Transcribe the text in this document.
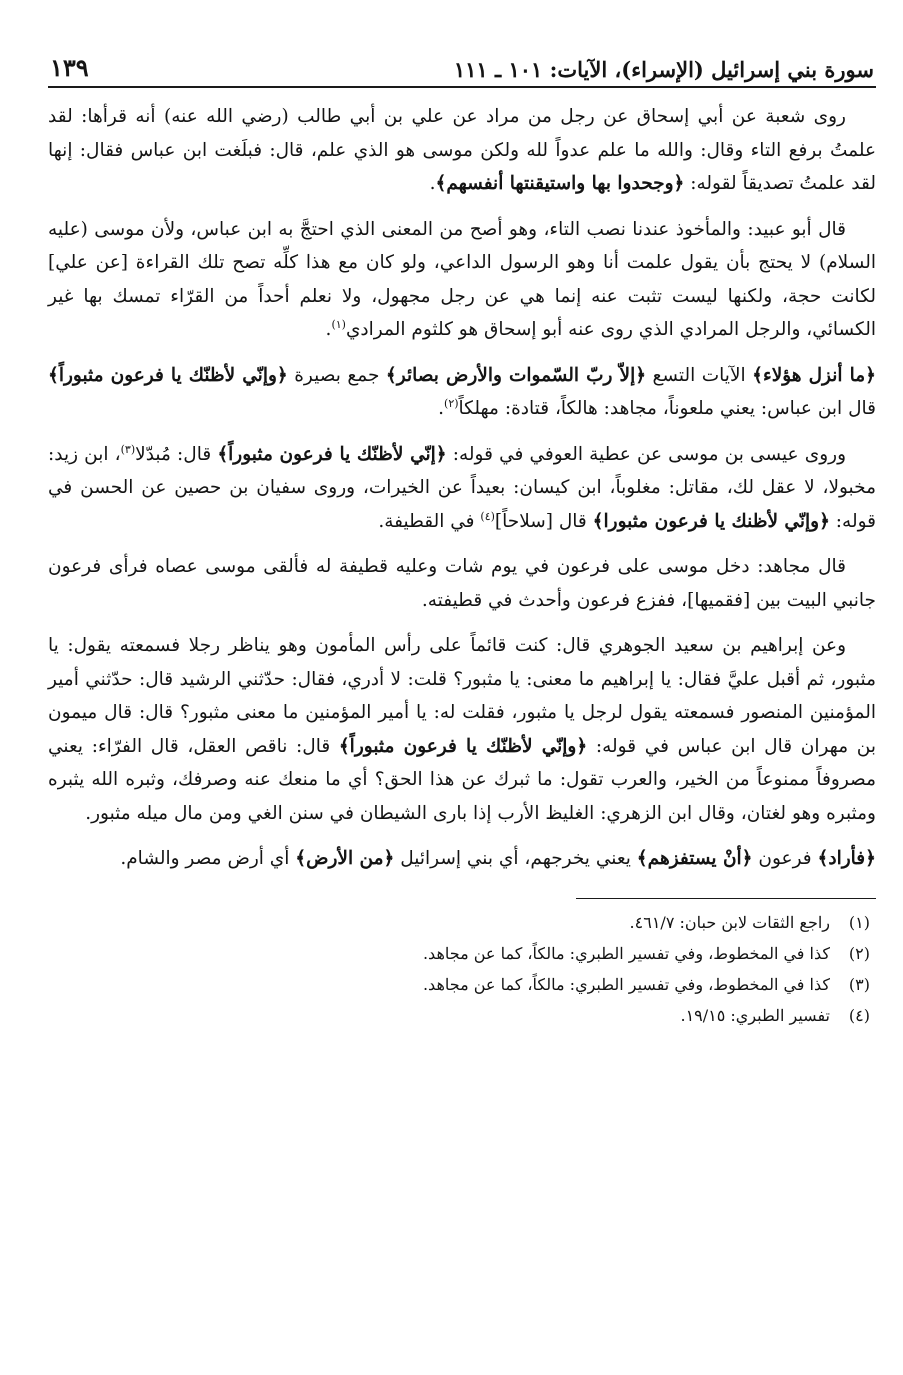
سورة بني إسرائيل (الإسراء)، الآيات: ١٠١ ـ ١١١
١٣٩

روى شعبة عن أبي إسحاق عن رجل من مراد عن علي بن أبي طالب (رضي الله عنه) أنه قرأها: لقد علمتُ برفع التاء وقال: والله ما علم عدواً لله ولكن موسى هو الذي علم، قال: فبلَغت ابن عباس فقال: إنها لقد علمتُ تصديقاً لقوله: ﴿وجحدوا بها واستيقنتها أنفسهم﴾.

قال أبو عبيد: والمأخوذ عندنا نصب التاء، وهو أصح من المعنى الذي احتجَّ به ابن عباس، ولأن موسى (عليه السلام) لا يحتج بأن يقول علمت أنا وهو الرسول الداعي، ولو كان مع هذا كلِّه تصح تلك القراءة [عن علي] لكانت حجة، ولكنها ليست تثبت عنه إنما هي عن رجل مجهول، ولا نعلم أحداً من القرّاء تمسك بها غير الكسائي، والرجل المرادي الذي روى عنه أبو إسحاق هو كلثوم المرادي$^{(١)}$.

﴿ما أنزل هؤلاء﴾ الآيات التسع ﴿إلاّ ربّ السّموات والأرض بصائر﴾ جمع بصيرة ﴿وإنّي لأظنّك يا فرعون مثبوراً﴾ قال ابن عباس: يعني ملعوناً، مجاهد: هالكاً، قتادة: مهلكاً$^{(٢)}$.

وروى عيسى بن موسى عن عطية العوفي في قوله: ﴿إنّي لأظنّك يا فرعون مثبوراً﴾ قال: مُبدّلا$^{(٣)}$، ابن زيد: مخبولا، لا عقل لك، مقاتل: مغلوباً، ابن كيسان: بعيداً عن الخيرات، وروى سفيان بن حصين عن الحسن في قوله: ﴿وإنّي لأظنك يا فرعون مثبورا﴾ قال [سلاحاً]$^{(٤)}$ في القطيفة.

قال مجاهد: دخل موسى على فرعون في يوم شات وعليه قطيفة له فألقى موسى عصاه فرأى فرعون جانبي البيت بين [فقميها]، ففزع فرعون وأحدث في قطيفته.

وعن إبراهيم بن سعيد الجوهري قال: كنت قائماً على رأس المأمون وهو يناظر رجلا فسمعته يقول: يا مثبور، ثم أقبل عليَّ فقال: يا إبراهيم ما معنى: يا مثبور؟ قلت: لا أدري، فقال: حدّثني الرشيد قال: حدّثني أمير المؤمنين المنصور فسمعته يقول لرجل يا مثبور، فقلت له: يا أمير المؤمنين ما معنى مثبور؟ قال: قال ميمون بن مهران قال ابن عباس في قوله: ﴿وإنّي لأظنّك يا فرعون مثبوراً﴾ قال: ناقص العقل، قال الفرّاء: يعني مصروفاً ممنوعاً من الخير، والعرب تقول: ما ثبرك عن هذا الحق؟ أي ما منعك عنه وصرفك، وثبره الله يثبره ومثبره وهو لغتان، وقال ابن الزهري: الغليظ الأرب إذا بارى الشيطان في سنن الغي ومن مال ميله مثبور.

﴿فأراد﴾ فرعون ﴿أنْ يستفزهم﴾ يعني يخرجهم، أي بني إسرائيل ﴿من الأرض﴾ أي أرض مصر والشام.

(١)
راجع الثقات لابن حبان: ٤٦١/٧.
(٢)
كذا في المخطوط، وفي تفسير الطبري: مالكاً، كما عن مجاهد.
(٣)
كذا في المخطوط، وفي تفسير الطبري: مالكاً، كما عن مجاهد.
(٤)
تفسير الطبري: ١٩/١٥.
